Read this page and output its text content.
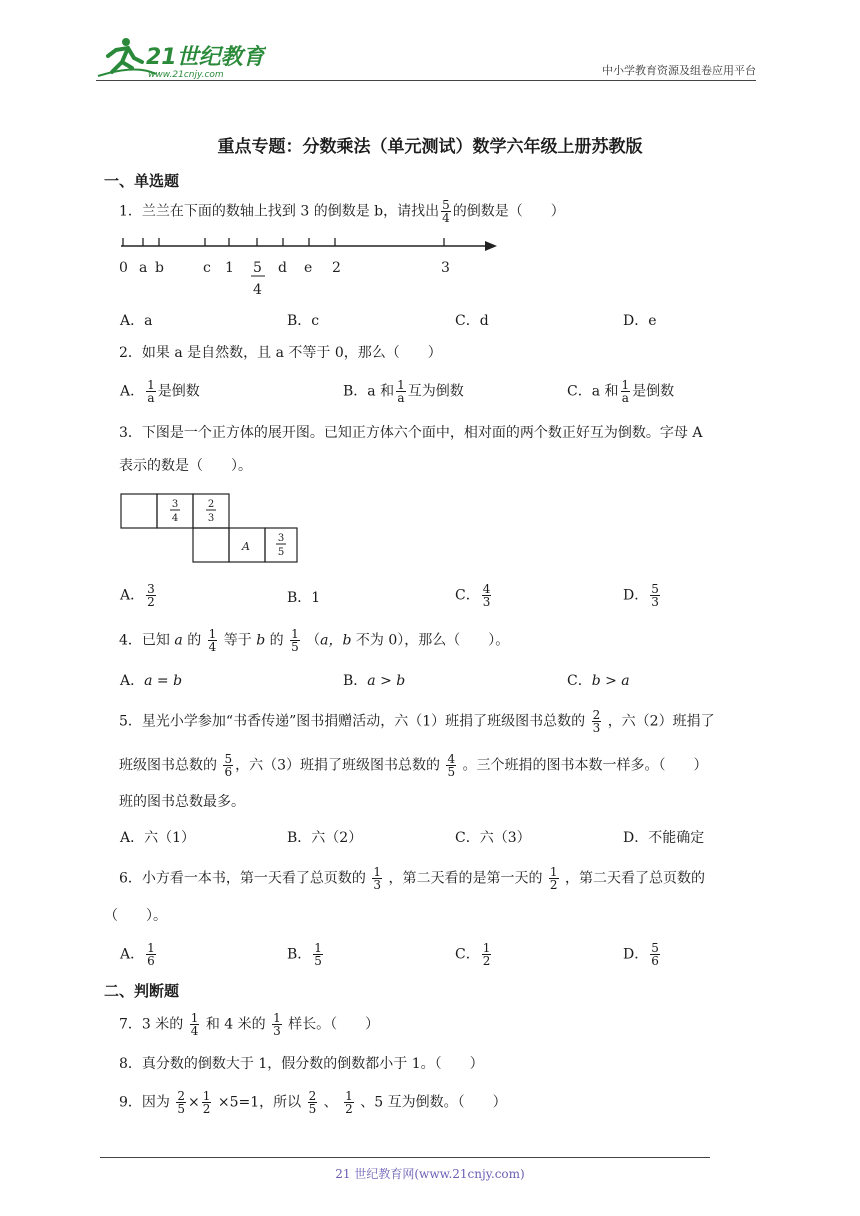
21世纪教育
www.21cnjy.com	中小学教育资源及组卷应用平台
重点专题：分数乘法（单元测试）数学六年级上册苏教版
一、单选题
1．兰兰在下面的数轴上找到 3 的倒数是 b，请找出 $\frac{5}{4}$ 的倒数是（　　）
0 a b	c 1 5
4
d e 2	3
A．a	B．c	C．d	D．e
2．如果 a 是自然数，且 a 不等于 0，那么（　　）
A． $\frac{1}{a}$ 是倒数	B．a 和 $\frac{1}{a}$ 互为倒数	C．a 和 $\frac{1}{a}$ 是倒数
3．下图是一个正方体的展开图。已知正方体六个面中，相对面的两个数正好互为倒数。字母 A
表示的数是（　　）。
3
4
2
3
A
3
5
A． $\frac{3}{2}$	B．1	C． $\frac{4}{3}$	D． $\frac{5}{3}$
4．已知 a 的 $\frac{1}{4}$ 等于 b 的 $\frac{1}{5} (a$，b 不为 0），那么（　　）。
A．a = b	B．a > b	C．b > a
5．星光小学参加“书香传递”图书捐赠活动，六（1）班捐了班级图书总数的 $\frac{2}{3}$ ，六（2）班捐了
班级图书总数的 $\frac{5}{6}$ ，六（3）班捐了班级图书总数的 $\frac{4}{5}$ 。三个班捐的图书本数一样多。（　　）
班的图书总数最多。
A．六（1）	B．六（2）	C．六（3）	D．不能确定
6．小方看一本书，第一天看了总页数的 $\frac{1}{3}$ ，第二天看的是第一天的 $\frac{1}{2}$ ，第二天看了总页数的
（　　）。
A． $\frac{1}{6}$	B． $\frac{1}{5}$	C． $\frac{1}{2}$	D． $\frac{5}{6}$
二、判断题
7．3 米的 $\frac{1}{4}$ 和 4 米的 $\frac{1}{3}$ 样长。（　　）
8．真分数的倒数大于 1，假分数的倒数都小于 1。（　　）
9．因为 $\frac{2}{5} \times \frac{1}{2} \times 5=1$，所以 $\frac{2}{5}$ 、 $\frac{1}{2}$ 、5 互为倒数。（　　）
21 世纪教育网(www.21cnjy.com)
